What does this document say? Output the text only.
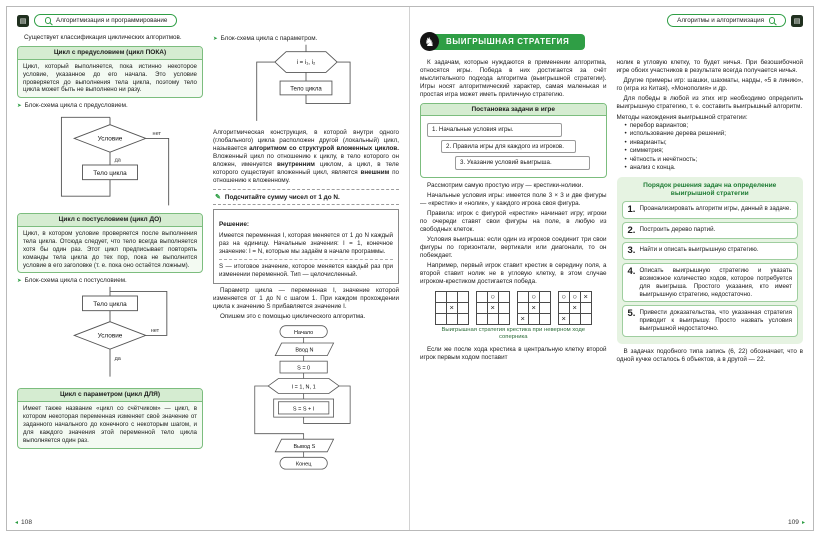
▤	Алгоритмизация и программирование

Существует классификация циклических алгоритмов.

Цикл с предусловием (цикл ПОКА)
Цикл, который выполняется, пока истинно некоторое условие, указанное до его начала. Это условие проверяется до выполнения тела цикла, поэтому тело цикла может быть не выполнено ни разу.
➤ Блок-схема цикла с предусловием.
Условие
нет
да
Тело цикла
Цикл с постусловием (цикл ДО)
Цикл, в котором условие проверяется после выполнения тела цикла. Отсюда следует, что тело всегда выполняется хотя бы один раз. Этот цикл предписывает повторять команды тела цикла до тех пор, пока не выполнится условие в его заголовке (т. е. пока оно остаётся ложным).
➤ Блок-схема цикла с постусловием.
Тело цикла
Условие
нет
да
Цикл с параметром (цикл ДЛЯ)
Имеет также название «цикл со счётчиком» — цикл, в котором некоторая переменная изменяет своё значение от заданного начального до конечного с некоторым шагом, и для каждого значения этой переменной тело цикла выполняется один раз.
➤ Блок-схема цикла с параметром.
i = i₁, i₂
Тело цикла

Алгоритмическая конструкция, в которой внутри одного (глобального) цикла расположен другой (локальный) цикл, называется алгоритмом со структурой вложенных циклов. Вложенный цикл по отношению к циклу, в тело которого он вложен, именуется внутренним циклом, а цикл, в теле которого существует вложенный цикл, является внешним по отношению к вложенному.

✎ Подсчитайте сумму чисел от 1 до N.
Решение:

Имеется переменная I, которая меняется от 1 до N каждый раз на единицу. Начальные значения: I = 1, конечное значение: I = N, которые мы задаём в начале программы.

S — итоговое значение, которое меняется каждый раз при изменении переменной. Тип — целочисленный.

Параметр цикла — переменная I, значение которой изменяется от 1 до N с шагом 1. При каждом прохождении цикла к значению S прибавляется значение I.

Опишем это с помощью циклического алгоритма.

Начало
Ввод N
S = 0
I = 1, N, 1
S = S + I
Вывод S
Конец
◂ 108
Алгоритмы и алгоритмизация	▤
♞	ВЫИГРЫШНАЯ СТРАТЕГИЯ

К задачам, которые нуждаются в применении алгоритма, относятся игры. Победа в них достигается за счёт мыслительного подхода алгоритма (выигрышной стратегии). Игры носят алгоритмический характер, самая маленькая и простая игра может иметь приличную стратегию.

Постановка задачи в игре
1. Начальные условия игры.
2. Правила игры для каждого из игроков.
3. Указание условий выигрыша.

Рассмотрим самую простую игру — крестики-нолики.

Начальные условия игры: имеется поле 3 × 3 и две фигуры — «крестик» и «нолик», у каждого игрока своя фигура.

Правила: игрок с фигурой «крестик» начинает игру; игроки по очереди ставят свои фигуры на поле, в любую из свободных клеток.

Условия выигрыша: если один из игроков соединит три свои фигуры по горизонтали, вертикали или диагонали, то он побеждает.

Например, первый игрок ставит крестик в середину поля, а второй ставит нолик не в угловую клетку, в этом случае игроком-крестиком достигается победа.

×
○
×
○
×
×
○ ○ ×
×
×
Выигрышная стратегия крестика при неверном ходе соперника

Если же после хода крестика в центральную клетку второй игрок первым ходом поставит

нолик в угловую клетку, то будет ничья. При безошибочной игре обоих участников в результате всегда получается ничья.

Другие примеры игр: шашки, шахматы, нарды, «5 в линию», го (игра из Китая), «Монополия» и др.

Для победы в любой из этих игр необходимо определить выигрышную стратегию, т. е. составить выигрышный алгоритм.

Методы нахождения выигрышной стратегии:

• перебор вариантов;
• использование дерева решений;
• инварианты;
• симметрия;
• чётность и нечётность;
• анализ с конца.
Порядок решения задач на определение выигрышной стратегии
1. Проанализировать алгоритм игры, данный в задаче.
2. Построить дерево партий.
3. Найти и описать выигрышную стратегию.
4. Описать выигрышную стратегию и указать возможное количество ходов, которое потребуется для выигрыша. Простого указания, кто имеет выигрышную стратегию, недостаточно.
5. Привести доказательства, что указанная стратегия приводит к выигрышу. Просто назвать условия выигрышной недостаточно.

В задачах подобного типа запись (6, 22) обозначает, что в одной кучке осталось 6 объектов, а в другой — 22.

109 ▸
